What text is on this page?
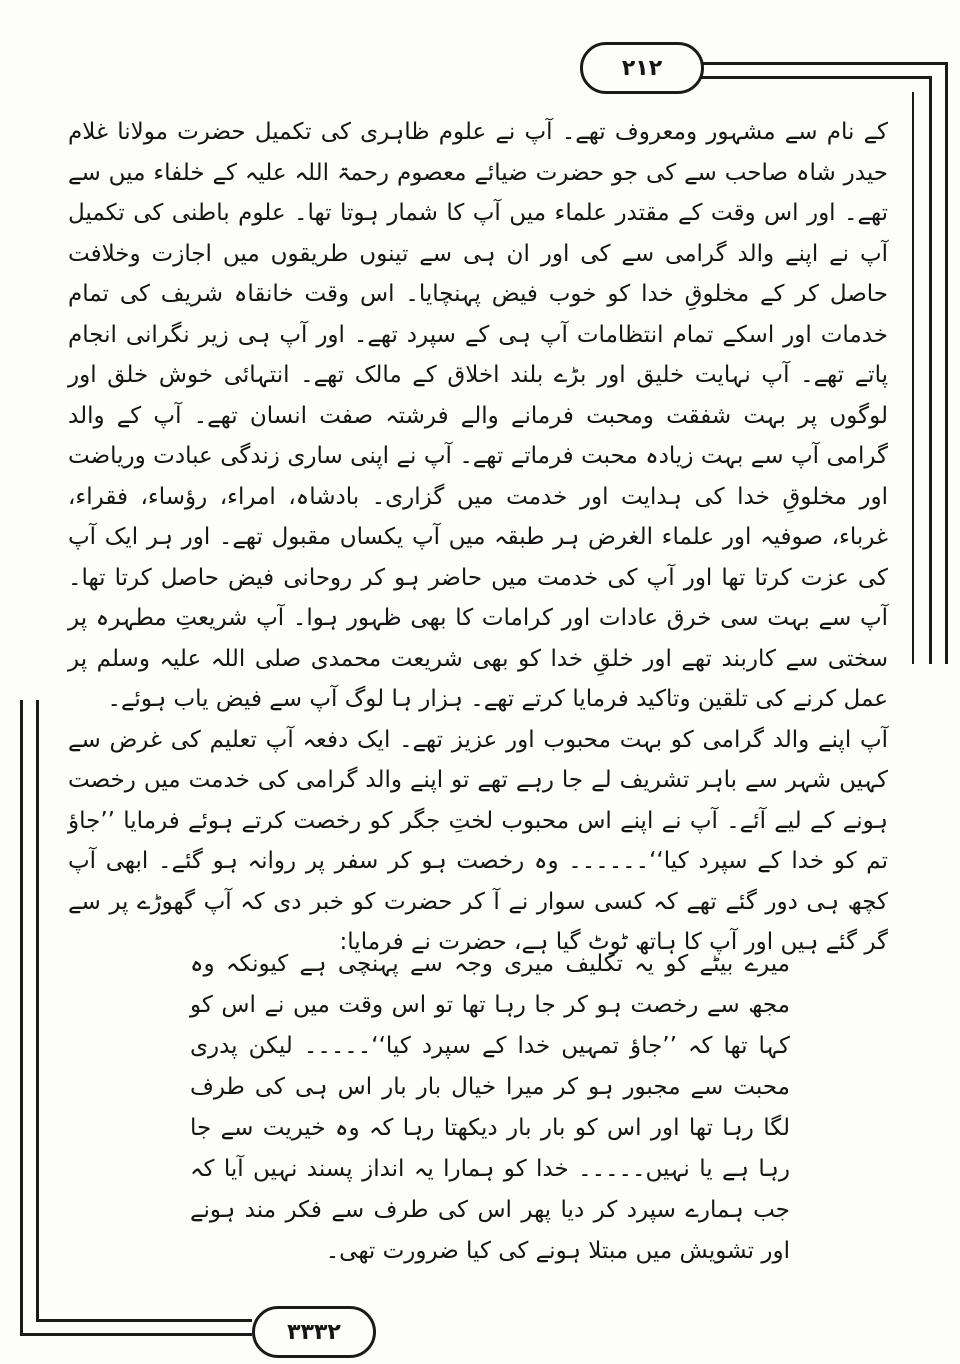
۲۱۲

کے نام سے مشہور ومعروف تھے۔ آپ نے علوم ظاہری کی تکمیل حضرت مولانا غلام حیدر شاہ صاحب سے کی جو حضرت ضیائے معصوم رحمۃ اللہ علیہ کے خلفاء میں سے تھے۔ اور اس وقت کے مقتدر علماء میں آپ کا شمار ہوتا تھا۔ علوم باطنی کی تکمیل آپ نے اپنے والد گرامی سے کی اور ان ہی سے تینوں طریقوں میں اجازت وخلافت حاصل کر کے مخلوقِ خدا کو خوب فیض پہنچایا۔ اس وقت خانقاہ شریف کی تمام خدمات اور اسکے تمام انتظامات آپ ہی کے سپرد تھے۔ اور آپ ہی زیر نگرانی انجام پاتے تھے۔ آپ نہایت خلیق اور بڑے بلند اخلاق کے مالک تھے۔ انتہائی خوش خلق اور لوگوں پر بہت شفقت ومحبت فرمانے والے فرشتہ صفت انسان تھے۔ آپ کے والد گرامی آپ سے بہت زیادہ محبت فرماتے تھے۔ آپ نے اپنی ساری زندگی عبادت وریاضت اور مخلوقِ خدا کی ہدایت اور خدمت میں گزاری۔ بادشاہ، امراء، رؤساء، فقراء، غرباء، صوفیہ اور علماء الغرض ہر طبقہ میں آپ یکساں مقبول تھے۔ اور ہر ایک آپ کی عزت کرتا تھا اور آپ کی خدمت میں حاضر ہو کر روحانی فیض حاصل کرتا تھا۔ آپ سے بہت سی خرق عادات اور کرامات کا بھی ظہور ہوا۔ آپ شریعتِ مطہرہ پر سختی سے کاربند تھے اور خلقِ خدا کو بھی شریعت محمدی صلی اللہ علیہ وسلم پر عمل کرنے کی تلقین وتاکید فرمایا کرتے تھے۔ ہزار ہا لوگ آپ سے فیض یاب ہوئے۔

آپ اپنے والد گرامی کو بہت محبوب اور عزیز تھے۔ ایک دفعہ آپ تعلیم کی غرض سے کہیں شہر سے باہر تشریف لے جا رہے تھے تو اپنے والد گرامی کی خدمت میں رخصت ہونے کے لیے آئے۔ آپ نے اپنے اس محبوب لختِ جگر کو رخصت کرتے ہوئے فرمایا ’’جاؤ تم کو خدا کے سپرد کیا‘‘۔۔۔۔۔۔ وہ رخصت ہو کر سفر پر روانہ ہو گئے۔ ابھی آپ کچھ ہی دور گئے تھے کہ کسی سوار نے آ کر حضرت کو خبر دی کہ آپ گھوڑے پر سے گر گئے ہیں اور آپ کا ہاتھ ٹوٹ گیا ہے، حضرت نے فرمایا:

میرے بیٹے کو یہ تکلیف میری وجہ سے پہنچی ہے کیونکہ وہ مجھ سے رخصت ہو کر جا رہا تھا تو اس وقت میں نے اس کو کہا تھا کہ ’’جاؤ تمہیں خدا کے سپرد کیا‘‘۔۔۔۔۔ لیکن پدری محبت سے مجبور ہو کر میرا خیال بار بار اس ہی کی طرف لگا رہا تھا اور اس کو بار بار دیکھتا رہا کہ وہ خیریت سے جا رہا ہے یا نہیں۔۔۔۔۔ خدا کو ہمارا یہ انداز پسند نہیں آیا کہ جب ہمارے سپرد کر دیا پھر اس کی طرف سے فکر مند ہونے اور تشویش میں مبتلا ہونے کی کیا ضرورت تھی۔

۳۳۳۲
